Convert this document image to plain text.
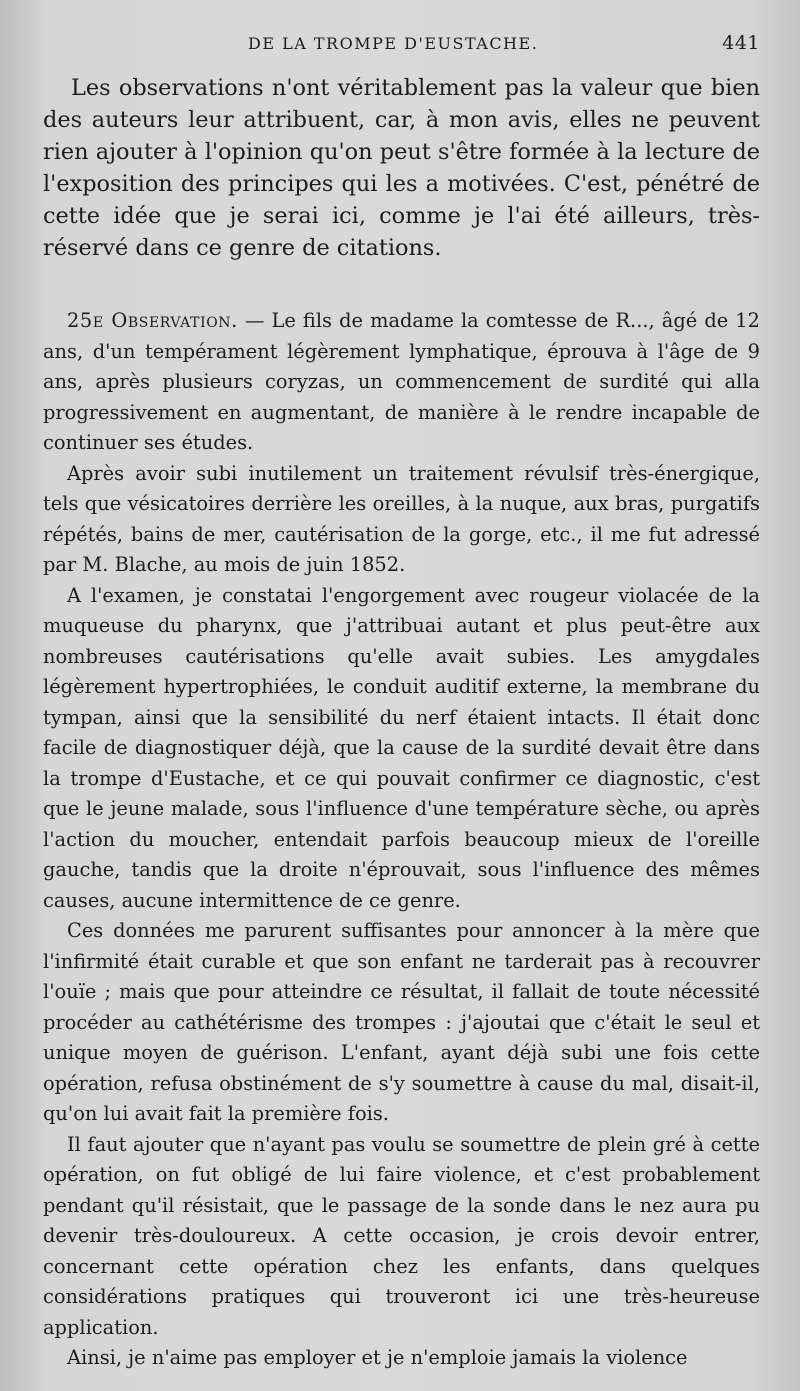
DE LA TROMPE D'EUSTACHE.	441

Les observations n'ont véritablement pas la valeur que bien des auteurs leur attribuent, car, à mon avis, elles ne peuvent rien ajouter à l'opinion qu'on peut s'être formée à la lecture de l'exposition des principes qui les a motivées. C'est, pénétré de cette idée que je serai ici, comme je l'ai été ailleurs, très-réservé dans ce genre de citations.

25e Observation. — Le fils de madame la comtesse de R..., âgé de 12 ans, d'un tempérament légèrement lymphatique, éprouva à l'âge de 9 ans, après plusieurs coryzas, un commencement de surdité qui alla progressivement en augmentant, de manière à le rendre incapable de continuer ses études.

Après avoir subi inutilement un traitement révulsif très-énergique, tels que vésicatoires derrière les oreilles, à la nuque, aux bras, purgatifs répétés, bains de mer, cautérisation de la gorge, etc., il me fut adressé par M. Blache, au mois de juin 1852.

A l'examen, je constatai l'engorgement avec rougeur violacée de la muqueuse du pharynx, que j'attribuai autant et plus peut-être aux nombreuses cautérisations qu'elle avait subies. Les amygdales légèrement hypertrophiées, le conduit auditif externe, la membrane du tympan, ainsi que la sensibilité du nerf étaient intacts. Il était donc facile de diagnostiquer déjà, que la cause de la surdité devait être dans la trompe d'Eustache, et ce qui pouvait confirmer ce diagnostic, c'est que le jeune malade, sous l'influence d'une température sèche, ou après l'action du moucher, entendait parfois beaucoup mieux de l'oreille gauche, tandis que la droite n'éprouvait, sous l'influence des mêmes causes, aucune intermittence de ce genre.

Ces données me parurent suffisantes pour annoncer à la mère que l'infirmité était curable et que son enfant ne tarderait pas à recouvrer l'ouïe ; mais que pour atteindre ce résultat, il fallait de toute nécessité procéder au cathétérisme des trompes : j'ajoutai que c'était le seul et unique moyen de guérison. L'enfant, ayant déjà subi une fois cette opération, refusa obstinément de s'y soumettre à cause du mal, disait-il, qu'on lui avait fait la première fois.

Il faut ajouter que n'ayant pas voulu se soumettre de plein gré à cette opération, on fut obligé de lui faire violence, et c'est probablement pendant qu'il résistait, que le passage de la sonde dans le nez aura pu devenir très-douloureux. A cette occasion, je crois devoir entrer, concernant cette opération chez les enfants, dans quelques considérations pratiques qui trouveront ici une très-heureuse application.

Ainsi, je n'aime pas employer et je n'emploie jamais la violence
